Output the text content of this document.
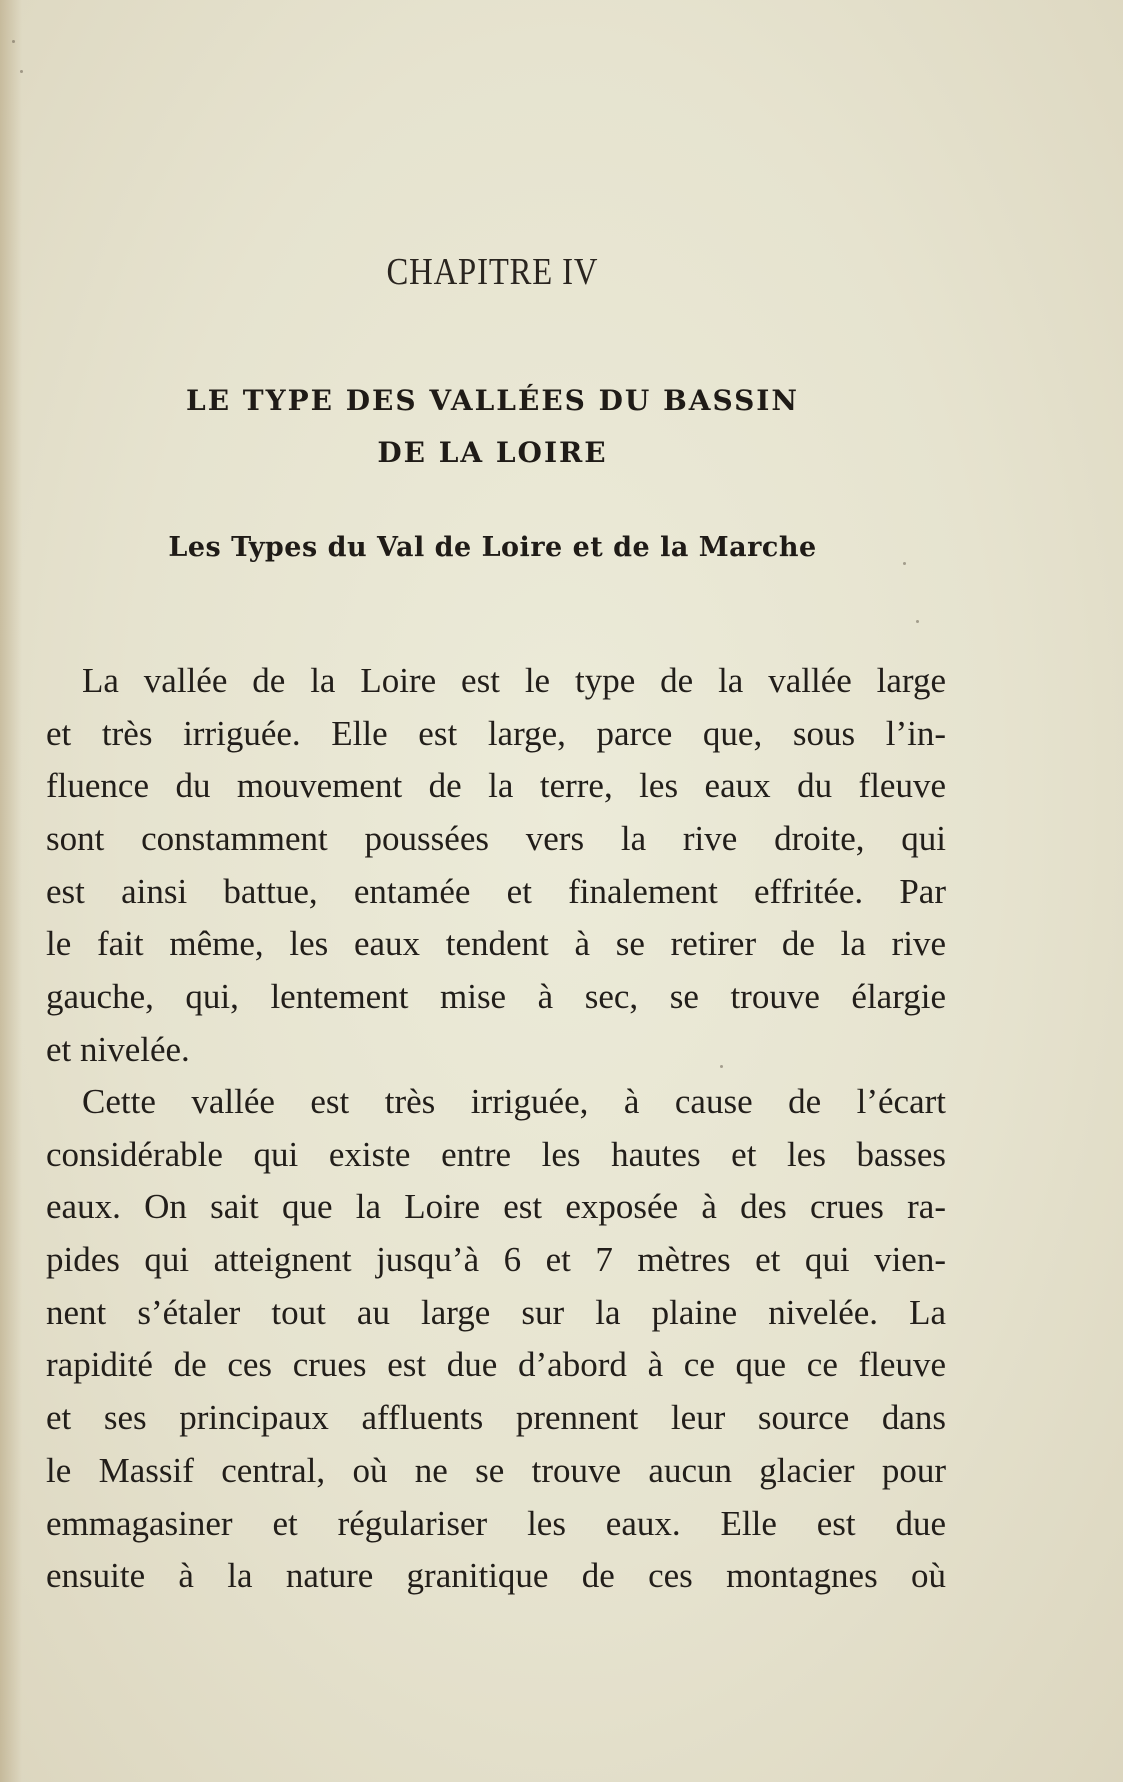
CHAPITRE IV
LE TYPE DES VALLÉES DU BASSIN
DE LA LOIRE
Les Types du Val de Loire et de la Marche
La vallée de la Loire est le type de la vallée large
et très irriguée. Elle est large, parce que, sous l’in-
fluence du mouvement de la terre, les eaux du fleuve
sont constamment poussées vers la rive droite, qui
est ainsi battue, entamée et finalement effritée. Par
le fait même, les eaux tendent à se retirer de la rive
gauche, qui, lentement mise à sec, se trouve élargie
et nivelée.
Cette vallée est très irriguée, à cause de l’écart
considérable qui existe entre les hautes et les basses
eaux. On sait que la Loire est exposée à des crues ra-
pides qui atteignent jusqu’à 6 et 7 mètres et qui vien-
nent s’étaler tout au large sur la plaine nivelée. La
rapidité de ces crues est due d’abord à ce que ce fleuve
et ses principaux affluents prennent leur source dans
le Massif central, où ne se trouve aucun glacier pour
emmagasiner et régulariser les eaux. Elle est due
ensuite à la nature granitique de ces montagnes où
